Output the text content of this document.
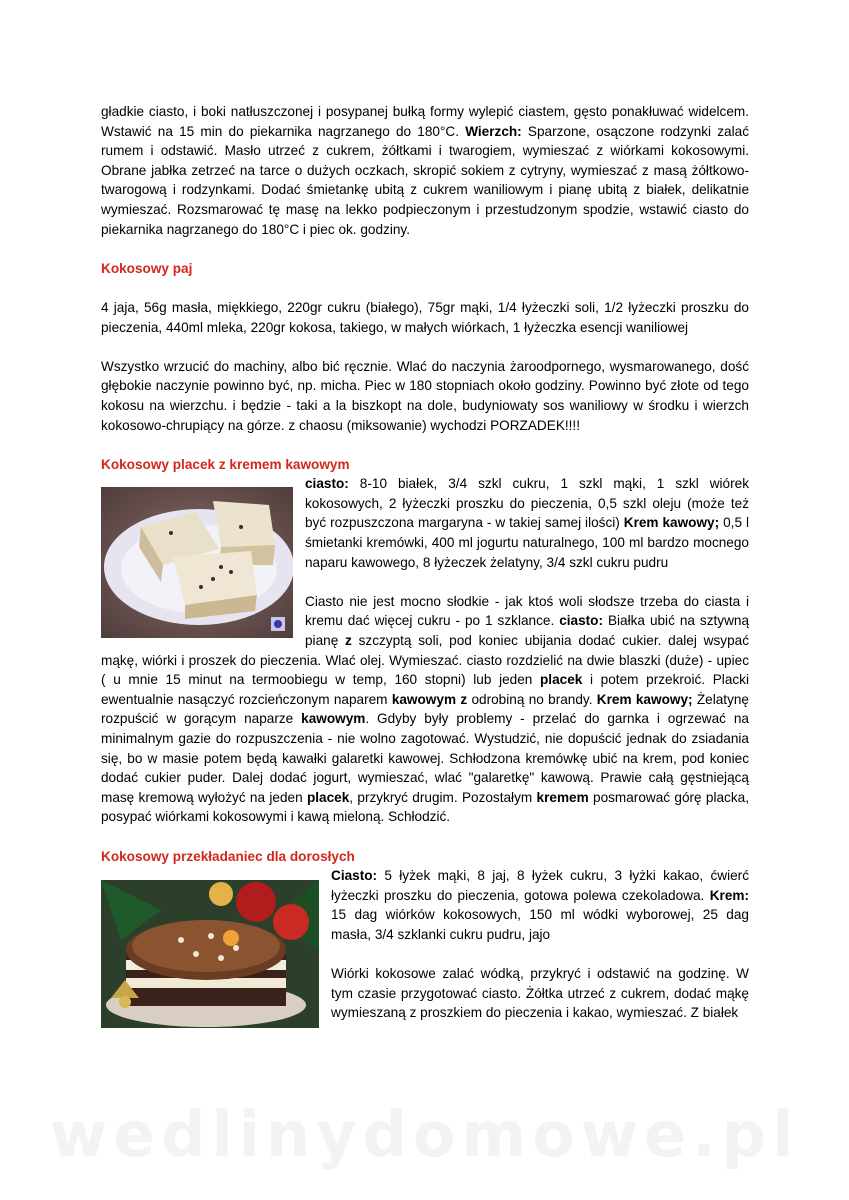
gładkie ciasto, i boki natłuszczonej i posypanej bułką formy wylepić ciastem, gęsto ponakłuwać widelcem. Wstawić na 15 min do piekarnika nagrzanego do 180°C. Wierzch: Sparzone, osączone rodzynki zalać rumem i odstawić. Masło utrzeć z cukrem, żółtkami i twarogiem, wymieszać z wiórkami kokosowymi. Obrane jabłka zetrzeć na tarce o dużych oczkach, skropić sokiem z cytryny, wymieszać z masą żółtkowo-twarogową i rodzynkami. Dodać śmietankę ubitą z cukrem waniliowym i pianę ubitą z białek, delikatnie wymieszać. Rozsmarować tę masę na lekko podpieczonym i przestudzonym spodzie, wstawić ciasto do piekarnika nagrzanego do 180°C i piec ok. godziny.

Kokosowy paj

4 jaja, 56g masła, miękkiego, 220gr cukru (białego), 75gr mąki, 1/4 łyżeczki soli, 1/2 łyżeczki proszku do pieczenia, 440ml mleka, 220gr kokosa, takiego, w małych wiórkach, 1 łyżeczka esencji waniliowej

Wszystko wrzucić do machiny, albo bić ręcznie. Wlać do naczynia żaroodpornego, wysmarowanego, dość głębokie naczynie powinno być, np. micha. Piec w 180 stopniach około godziny. Powinno być złote od tego kokosu na wierzchu. i będzie - taki a la biszkopt na dole, budyniowaty sos waniliowy w środku i wierzch kokosowo-chrupiący na górze. z chaosu (miksowanie) wychodzi PORZADEK!!!!

Kokosowy placek z kremem kawowym

ciasto: 8-10 białek, 3/4 szkl cukru, 1 szkl mąki, 1 szkl wiórek kokosowych, 2 łyżeczki proszku do pieczenia, 0,5 szkl oleju (może też być rozpuszczona margaryna - w takiej samej ilości) Krem kawowy; 0,5 l śmietanki kremówki, 400 ml jogurtu naturalnego, 100 ml bardzo mocnego naparu kawowego, 8 łyżeczek żelatyny, 3/4 szkl cukru pudru

Ciasto nie jest mocno słodkie - jak ktoś woli słodsze trzeba do ciasta i kremu dać więcej cukru - po 1 szklance. ciasto: Białka ubić na sztywną pianę z szczyptą soli, pod koniec ubijania dodać cukier. dalej wsypać mąkę, wiórki i proszek do pieczenia. Wlać olej. Wymieszać. ciasto rozdzielić na dwie blaszki (duże) - upiec ( u mnie 15 minut na termoobiegu w temp, 160 stopni) lub jeden placek i potem przekroić. Placki ewentualnie nasączyć rozcieńczonym naparem kawowym z odrobiną no brandy. Krem kawowy; Żelatynę rozpuścić w gorącym naparze kawowym. Gdyby były problemy - przelać do garnka i ogrzewać na minimalnym gazie do rozpuszczenia - nie wolno zagotować. Wystudzić, nie dopuścić jednak do zsiadania się, bo w masie potem będą kawałki galaretki kawowej. Schłodzona kremówkę ubić na krem, pod koniec dodać cukier puder. Dalej dodać jogurt, wymieszać, wlać "galaretkę" kawową. Prawie całą gęstniejącą masę kremową wyłożyć na jeden placek, przykryć drugim. Pozostałym kremem posmarować górę placka, posypać wiórkami kokosowymi i kawą mieloną. Schłodzić.

Kokosowy przekładaniec dla dorosłych

Ciasto: 5 łyżek mąki, 8 jaj, 8 łyżek cukru, 3 łyżki kakao, ćwierć łyżeczki proszku do pieczenia, gotowa polewa czekoladowa. Krem: 15 dag wiórków kokosowych, 150 ml wódki wyborowej, 25 dag masła, 3/4 szklanki cukru pudru, jajo

Wiórki kokosowe zalać wódką, przykryć i odstawić na godzinę. W tym czasie przygotować ciasto. Żółtka utrzeć z cukrem, dodać mąkę wymieszaną z proszkiem do pieczenia i kakao, wymieszać. Z białek

wedlinydomowe.pl
